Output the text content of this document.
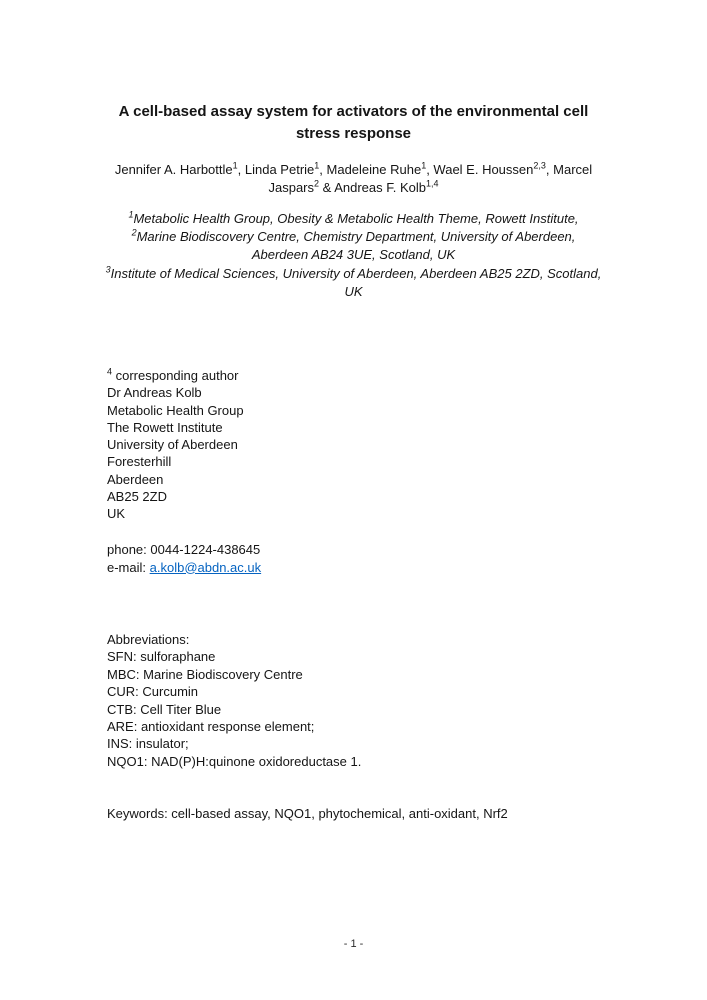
A cell-based assay system for activators of the environmental cell
stress response
Jennifer A. Harbottle$^1$, Linda Petrie$^1$, Madeleine Ruhe$^1$, Wael E. Houssen$^{2,3}$, Marcel
Jaspars$^2$ & Andreas F. Kolb$^{1,4}$
$^1$Metabolic Health Group, Obesity & Metabolic Health Theme, Rowett Institute,
$^2$Marine Biodiscovery Centre, Chemistry Department, University of Aberdeen,
Aberdeen AB24 3UE, Scotland, UK
$^3$Institute of Medical Sciences, University of Aberdeen, Aberdeen AB25 2ZD, Scotland,
UK
$^4$ corresponding author
Dr Andreas Kolb
Metabolic Health Group
The Rowett Institute
University of Aberdeen
Foresterhill
Aberdeen
AB25 2ZD
UK
phone: 0044-1224-438645
e-mail: a.kolb@abdn.ac.uk
Abbreviations:
SFN: sulforaphane
MBC: Marine Biodiscovery Centre
CUR: Curcumin
CTB: Cell Titer Blue
ARE: antioxidant response element;
INS: insulator;
NQO1: NAD(P)H:quinone oxidoreductase 1.
Keywords: cell-based assay, NQO1, phytochemical, anti-oxidant, Nrf2
- 1 -
